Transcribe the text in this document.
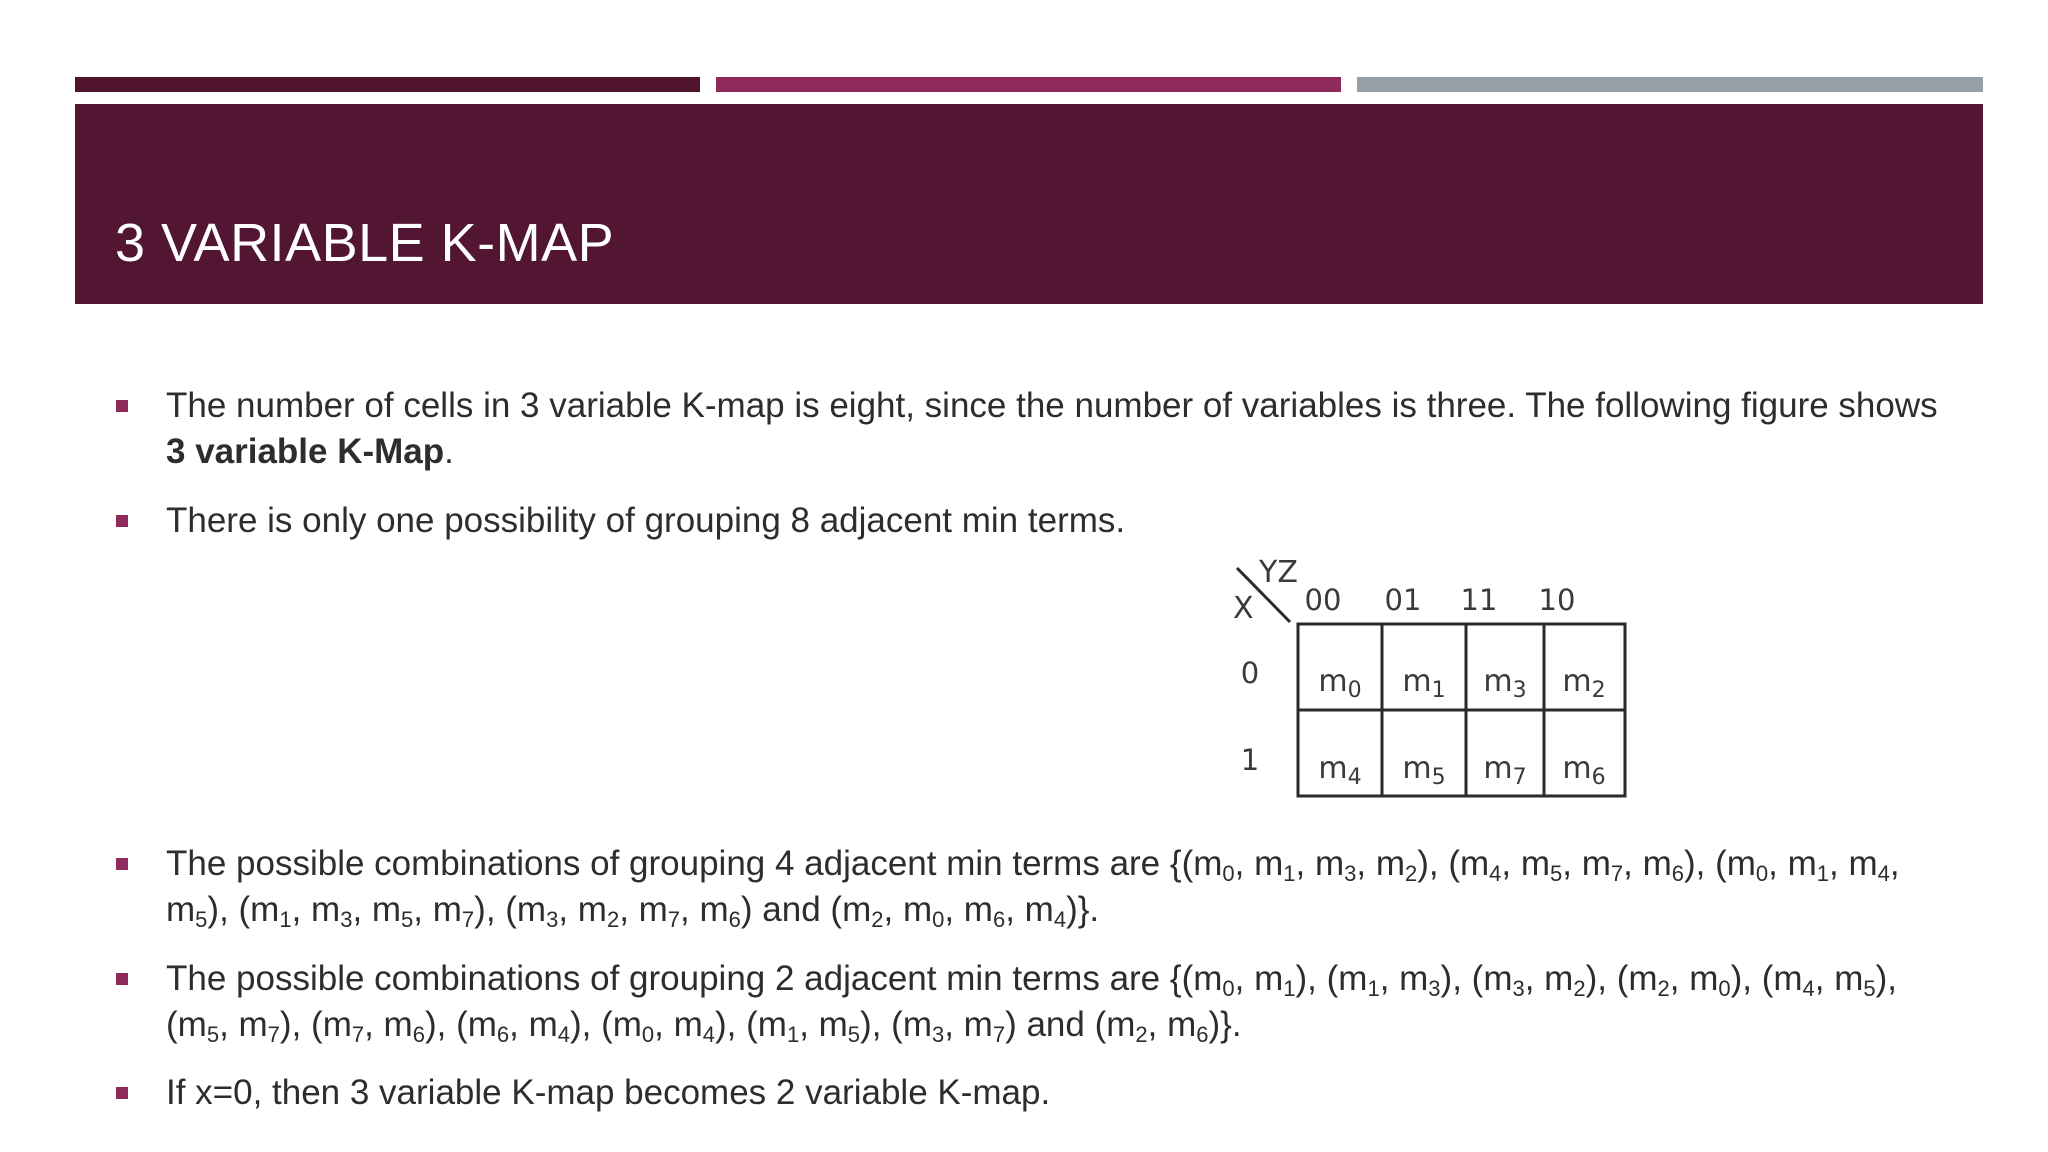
3 VARIABLE K-MAP
The number of cells in 3 variable K-map is eight, since the number of variables is three. The following figure shows 3 variable K-Map.
There is only one possibility of grouping 8 adjacent min terms.
The possible combinations of grouping 4 adjacent min terms are {($m_0$, $m_1$, $m_3$, $m_2$), ($m_4$, $m_5$, $m_7$, $m_6$), ($m_0$, $m_1$, $m_4$, $m_5$), ($m_1$, $m_3$, $m_5$, $m_7$), ($m_3$, $m_2$, $m_7$, $m_6$) and ($m_2$, $m_0$, $m_6$, $m_4$)}.
The possible combinations of grouping 2 adjacent min terms are {($m_0$, $m_1$), ($m_1$, $m_3$), ($m_3$, $m_2$), ($m_2$, $m_0$), ($m_4$, $m_5$), ($m_5$, $m_7$), ($m_7$, $m_6$), ($m_6$, $m_4$), ($m_0$, $m_4$), ($m_1$, $m_5$), ($m_3$, $m_7$) and ($m_2$, $m_6$)}.
If x=0, then 3 variable K-map becomes 2 variable K-map.
YZ
X 00 01 11 10
0
1
$m_0$ $m_1$ $m_3$ $m_2$
$m_4$ $m_5$ $m_7$ $m_6$
